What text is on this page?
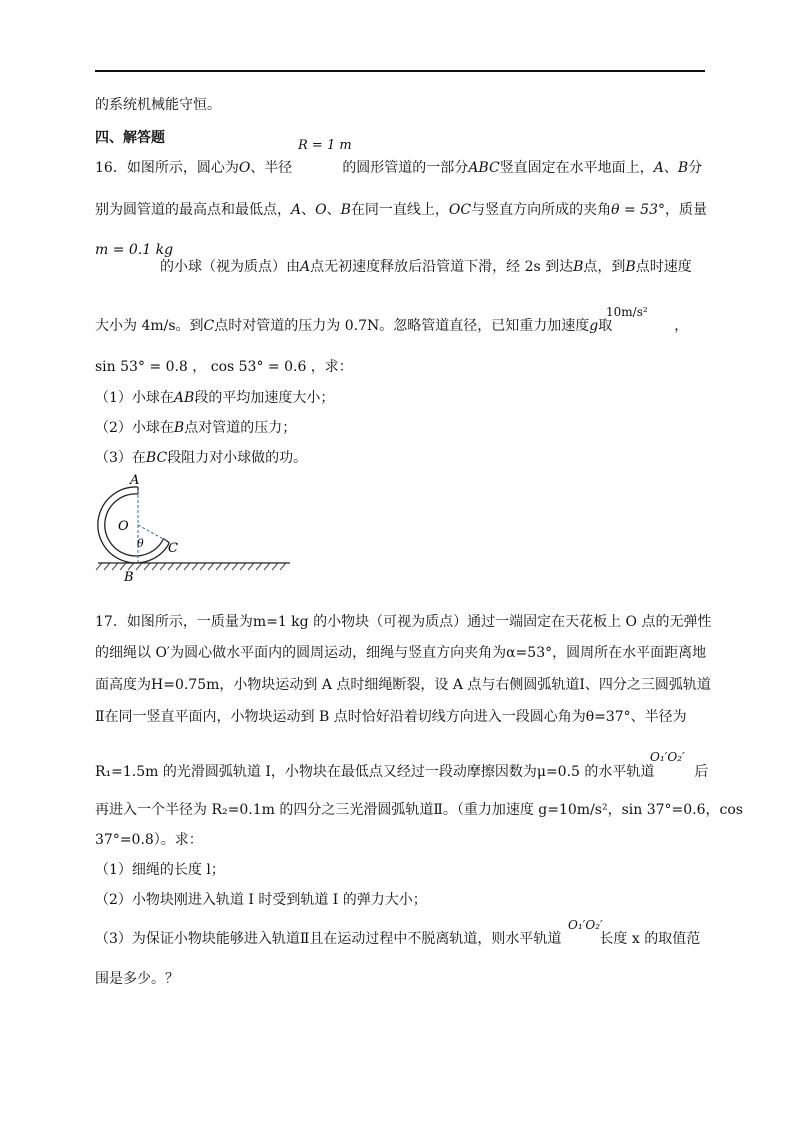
的系统机械能守恒。
四、解答题	R = 1 m
16．如图所示，圆心为O、半径	的圆形管道的一部分ABC竖直固定在水平地面上，A、B分
别为圆管道的最高点和最低点，A、O、B在同一直线上，OC与竖直方向所成的夹角θ = 53°，质量
m = 0.1 kg
的小球（视为质点）由A点无初速度释放后沿管道下滑，经 2s 到达B点，到B点时速度
10m/s²
大小为 4m/s。到C点时对管道的压力为 0.7N。忽略管道直径，已知重力加速度g取	，
sin 53° = 0.8 ， cos 53° = 0.6 ，求：
（1）小球在AB段的平均加速度大小；
（2）小球在B点对管道的压力；
（3）在BC段阻力对小球做的功。
A
O
θ C
B
17．如图所示，一质量为m=1 kg 的小物块（可视为质点）通过一端固定在天花板上 O 点的无弹性
的细绳以 O′为圆心做水平面内的圆周运动，细绳与竖直方向夹角为α=53°，圆周所在水平面距离地
面高度为H=0.75m，小物块运动到 A 点时细绳断裂，设 A 点与右侧圆弧轨道Ⅰ、四分之三圆弧轨道
Ⅱ在同一竖直平面内，小物块运动到 B 点时恰好沿着切线方向进入一段圆心角为θ=37°、半径为
O₁′O₂′
R₁=1.5m 的光滑圆弧轨道 Ⅰ，小物块在最低点又经过一段动摩擦因数为μ=0.5 的水平轨道	后
再进入一个半径为 R₂=0.1m 的四分之三光滑圆弧轨道Ⅱ。（重力加速度 g=10m/s²，sin 37°=0.6，cos
37°=0.8）。求：
（1）细绳的长度 l；
（2）小物块刚进入轨道 Ⅰ 时受到轨道 Ⅰ 的弹力大小；
O₁′O₂′
（3）为保证小物块能够进入轨道Ⅱ且在运动过程中不脱离轨道，则水平轨道	长度 x 的取值范
围是多少。？
